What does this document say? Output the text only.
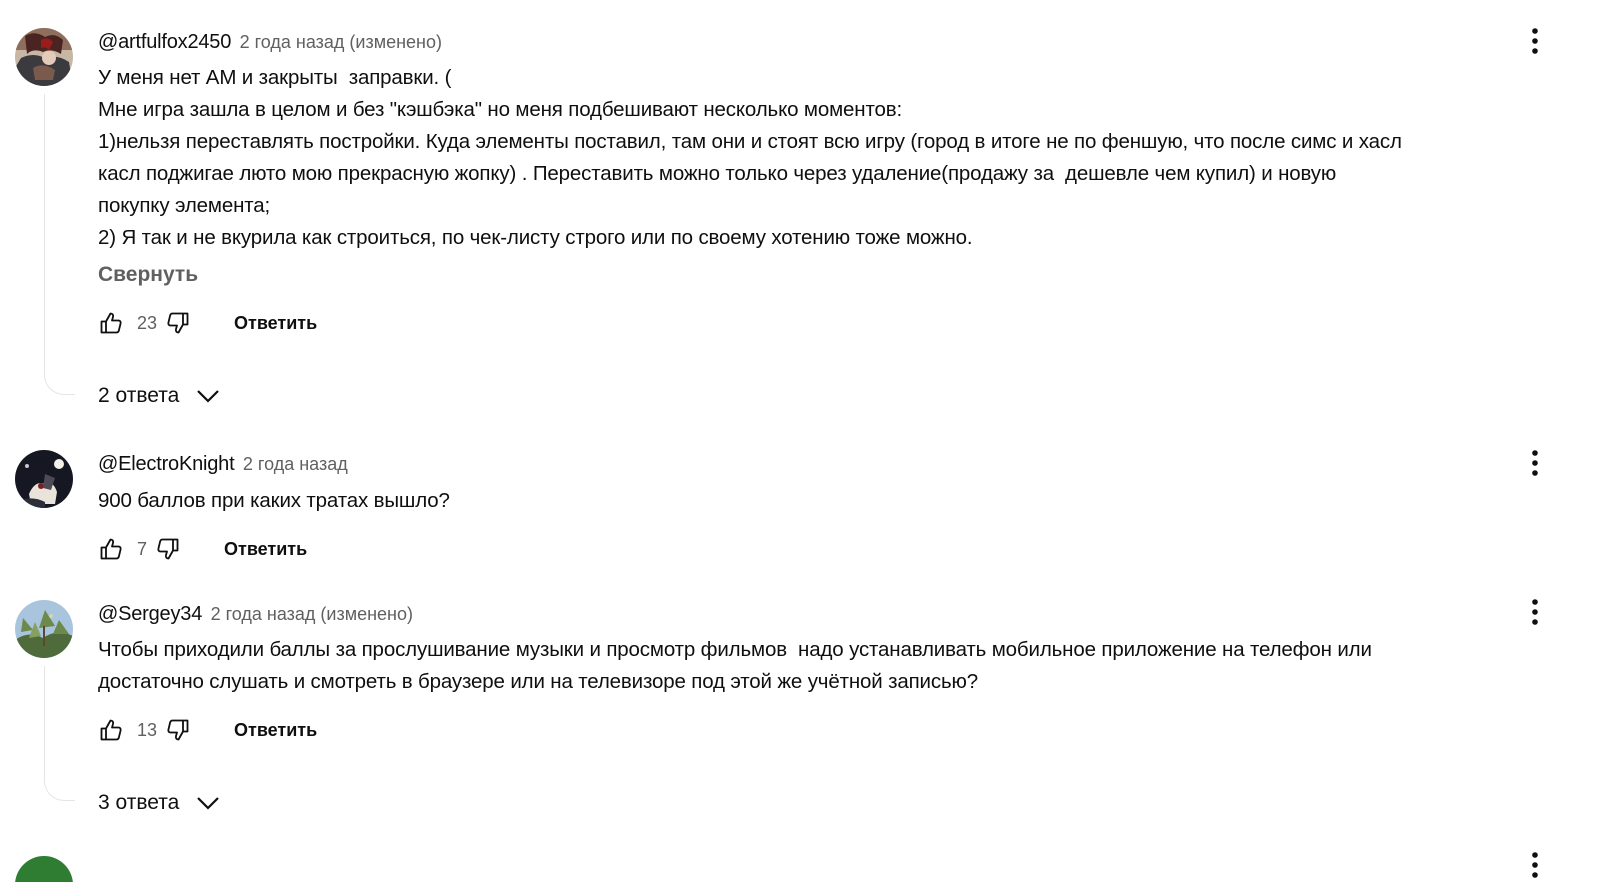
@artfulfox2450 2 года назад (изменено)
У меня нет АМ и закрыты  заправки. (
Мне игра зашла в целом и без "кэшбэка" но меня подбешивают несколько моментов:
1)нельзя переставлять постройки. Куда элементы поставил, там они и стоят всю игру (город в итоге не по феншую, что после симс и хасл
касл поджигае люто мою прекрасную жопку) . Переставить можно только через удаление(продажу за  дешевле чем купил) и новую
покупку элемента;
2) Я так и не вкурила как строиться, по чек-листу строго или по своему хотению тоже можно.
Свернуть
23	Ответить
2 ответа
@ElectroKnight 2 года назад
900 баллов при каких тратах вышло?
7	Ответить
@Sergey34 2 года назад (изменено)
Чтобы приходили баллы за прослушивание музыки и просмотр фильмов  надо устанавливать мобильное приложение на телефон или
достаточно слушать и смотреть в браузере или на телевизоре под этой же учётной записью?
13	Ответить
3 ответа
